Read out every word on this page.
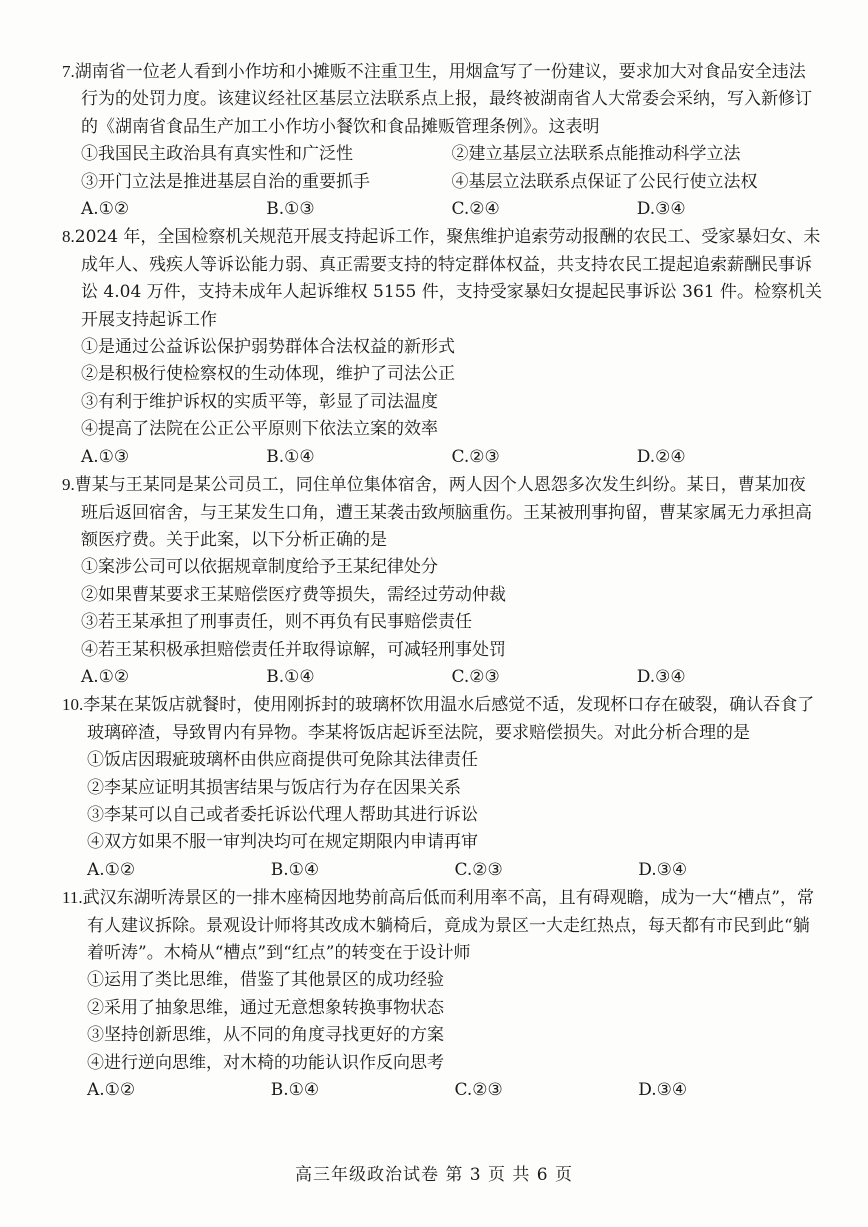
7.湖南省一位老人看到小作坊和小摊贩不注重卫生，用烟盒写了一份建议，要求加大对食品安全违法行为的处罚力度。该建议经社区基层立法联系点上报，最终被湖南省人大常委会采纳，写入新修订的《湖南省食品生产加工小作坊小餐饮和食品摊贩管理条例》。这表明
①我国民主政治具有真实性和广泛性	②建立基层立法联系点能推动科学立法
③开门立法是推进基层自治的重要抓手	④基层立法联系点保证了公民行使立法权
A.①②	B.①③	C.②④	D.③④
8.2024 年，全国检察机关规范开展支持起诉工作，聚焦维护追索劳动报酬的农民工、受家暴妇女、未成年人、残疾人等诉讼能力弱、真正需要支持的特定群体权益，共支持农民工提起追索薪酬民事诉讼 4.04 万件，支持未成年人起诉维权 5155 件，支持受家暴妇女提起民事诉讼 361 件。检察机关开展支持起诉工作
①是通过公益诉讼保护弱势群体合法权益的新形式
②是积极行使检察权的生动体现，维护了司法公正
③有利于维护诉权的实质平等，彰显了司法温度
④提高了法院在公正公平原则下依法立案的效率
A.①③	B.①④	C.②③	D.②④
9.曹某与王某同是某公司员工，同住单位集体宿舍，两人因个人恩怨多次发生纠纷。某日，曹某加夜班后返回宿舍，与王某发生口角，遭王某袭击致颅脑重伤。王某被刑事拘留，曹某家属无力承担高额医疗费。关于此案，以下分析正确的是
①案涉公司可以依据规章制度给予王某纪律处分
②如果曹某要求王某赔偿医疗费等损失，需经过劳动仲裁
③若王某承担了刑事责任，则不再负有民事赔偿责任
④若王某积极承担赔偿责任并取得谅解，可减轻刑事处罚
A.①②	B.①④	C.②③	D.③④
10.李某在某饭店就餐时，使用刚拆封的玻璃杯饮用温水后感觉不适，发现杯口存在破裂，确认吞食了玻璃碎渣，导致胃内有异物。李某将饭店起诉至法院，要求赔偿损失。对此分析合理的是
①饭店因瑕疵玻璃杯由供应商提供可免除其法律责任
②李某应证明其损害结果与饭店行为存在因果关系
③李某可以自己或者委托诉讼代理人帮助其进行诉讼
④双方如果不服一审判决均可在规定期限内申请再审
A.①②	B.①④	C.②③	D.③④
11.武汉东湖听涛景区的一排木座椅因地势前高后低而利用率不高，且有碍观瞻，成为一大“槽点”，常有人建议拆除。景观设计师将其改成木躺椅后，竟成为景区一大走红热点，每天都有市民到此“躺着听涛”。木椅从“槽点”到“红点”的转变在于设计师
①运用了类比思维，借鉴了其他景区的成功经验
②采用了抽象思维，通过无意想象转换事物状态
③坚持创新思维，从不同的角度寻找更好的方案
④进行逆向思维，对木椅的功能认识作反向思考
A.①②	B.①④	C.②③	D.③④
高三年级政治试卷 第 3 页 共 6 页
